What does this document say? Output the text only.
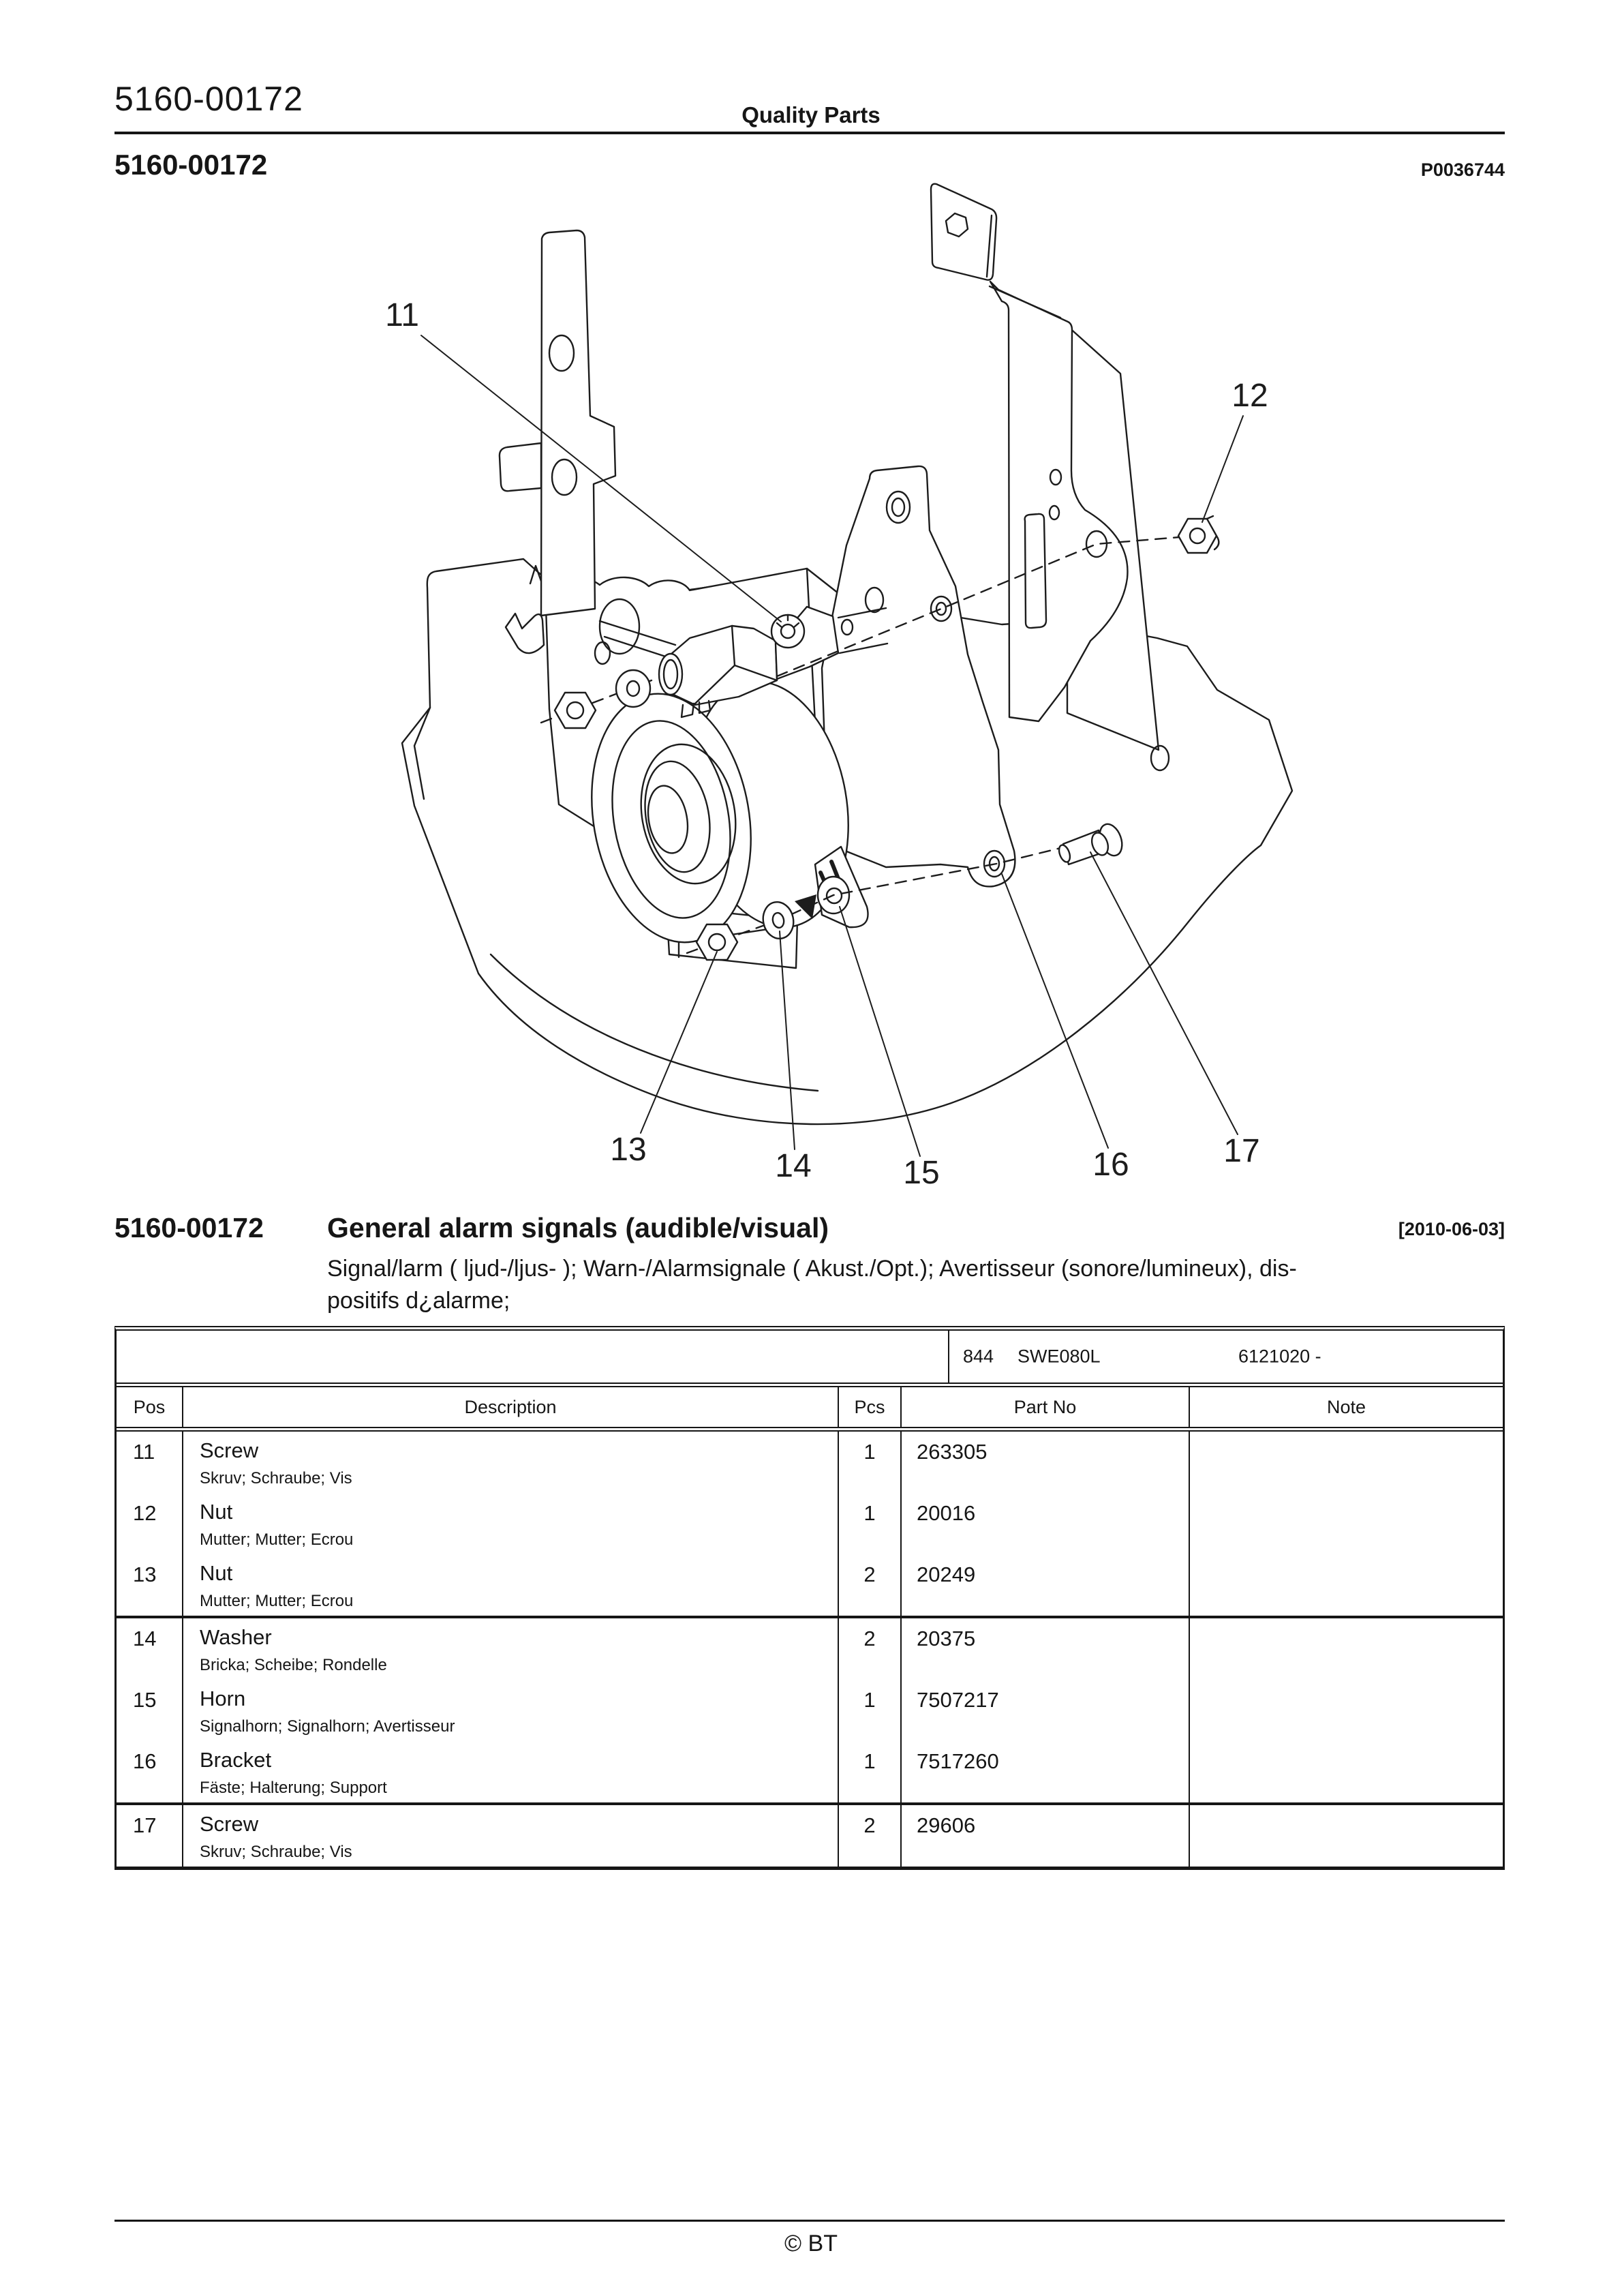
5160-00172	Quality Parts
5160-00172	P0036744
11
12
13	14	15	16	17
5160-00172 General alarm signals (audible/visual)	[2010-06-03]
Signal/larm ( ljud-/ljus- ); Warn-/Alarmsignale ( Akust./Opt.); Avertisseur (sonore/lumineux), dis-
positifs d¿alarme;
844 SWE080L	6121020 -
Pos	Description	Pcs	Part No	Note
11	Screw
Skruv; Schraube; Vis
1	263305
12	Nut
Mutter; Mutter; Ecrou
1	20016
13	Nut
Mutter; Mutter; Ecrou
2	20249
14	Washer
Bricka; Scheibe; Rondelle
2	20375
15	Horn
Signalhorn; Signalhorn; Avertisseur
1	7507217
16	Bracket
Fäste; Halterung; Support
1	7517260
17	Screw
Skruv; Schraube; Vis
2	29606
© BT
